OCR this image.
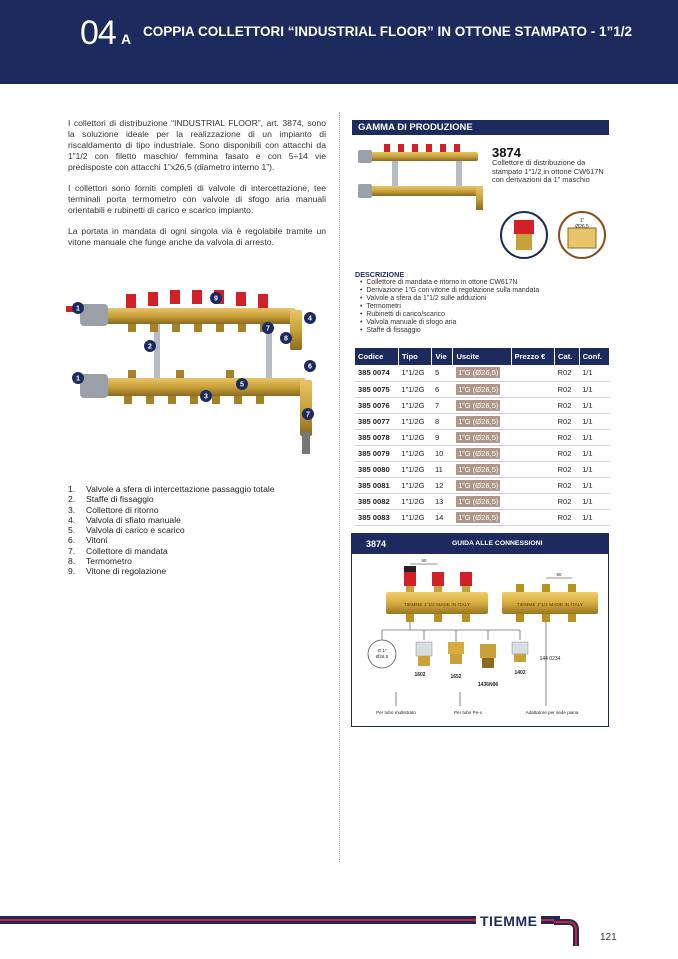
04 A COPPIA COLLETTORI “INDUSTRIAL FLOOR” IN OTTONE STAMPATO - 1”1/2

I collettori di distribuzione “INDUSTRIAL FLOOR”, art. 3874, sono la soluzione ideale per la realizzazione di un impianto di riscaldamento di tipo industriale. Sono disponibili con attacchi da 1”1/2 con filetto maschio/ femmina fasato e con 5÷14 vie predisposte con attacchi 1”x26,5 (diametro interno 1”).

I collettori sono forniti completi di valvole di intercettazione, tee terminali porta termometro con valvole di sfogo aria manuali orientabili e rubinetti di carico e scarico impianto.

La portata in mandata di ogni singola via è regolabile tramite un vitone manuale che funge anche da valvola di arresto.

1
9
4
7
8
2
6
1
5
3
7
1.	Valvole a sfera di intercettazione passaggio totale
2.	Staffe di fissaggio
3.	Collettore di ritorno
4.	Valvola di sfiato manuale
5.	Valvola di carico e scarico
6.	Vitoni
7.	Collettore di mandata
8.	Termometro
9.	Vitone di regolazione
GAMMA DI PRODUZIONE
3874
Collettore di distribuzione da stampato 1”1/2 in ottone CW617N con derivazioni da 1” maschio
1”
Ø26,5
DESCRIZIONE
• Collettore di mandata e ritorno in ottone CW617N
• Derivazione 1”G con vitone di regolazione sulla mandata
• Valvole a sfera da 1”1/2 sulle adduzioni
• Termometri
• Rubinetti di carico/scarico
• Valvola manuale di sfogo aria
• Staffe di fissaggio
Codice	Tipo	Vie	Uscite	Prezzo €	Cat.	Conf.
385 0074	1”1/2G	5	1”G (Ø26,5)		R02	1/1
385 0075	1”1/2G	6	1”G (Ø26,5)		R02	1/1
385 0076	1”1/2G	7	1”G (Ø26,5)		R02	1/1
385 0077	1”1/2G	8	1”G (Ø26,5)		R02	1/1
385 0078	1”1/2G	9	1”G (Ø26,5)		R02	1/1
385 0079	1”1/2G	10	1”G (Ø26,5)		R02	1/1
385 0080	1”1/2G	11	1”G (Ø26,5)		R02	1/1
385 0081	1”1/2G	12	1”G (Ø26,5)		R02	1/1
385 0082	1”1/2G	13	1”G (Ø26,5)		R02	1/1
385 0083	1”1/2G	14	1”G (Ø26,5)		R02	1/1
3874	GUIDA ALLE CONNESSIONI
TIEMME 1”1/2 MADE IN ITALY
60
TIEMME 1”1/2 MADE IN ITALY
60
G 1”
Ø26,5
1602	1652
1436N06
1402
144 0234
Per tubo multistrato	Per tubo Pe-x	Adattatore per sede piana
TIEMME
121
